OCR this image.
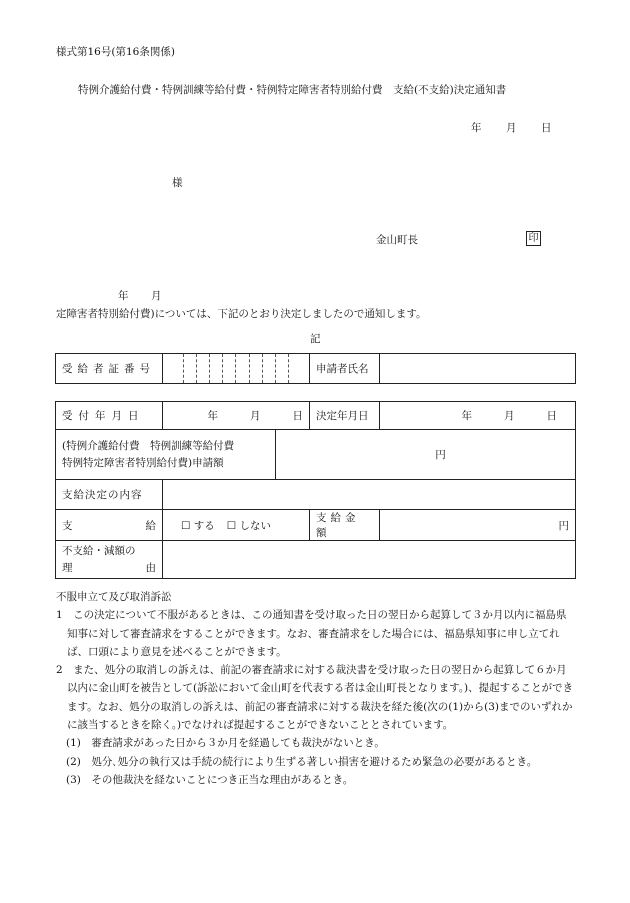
様式第16号(第16条関係)
特例介護給付費・特例訓練等給付費・特例特定障害者特別給付費　支給(不支給)決定通知書
年 月 日
様
金山町長	印
年 月
定障害者特別給付費)については、下記のとおり決定しましたので通知します。
記
受給者証番号		申請者氏名	
受付年月日	年 月 日		決定年月日	年 月 日

(特例介護給付費　特例訓練等給付費
特例特定障害者特別給付費)申請額		円		

支給決定の内容				

支 給	☐ する ☐ しない		支給金額	円

不支給・減額の
理 由				

不服申立て及び取消訴訟

1　この決定について不服があるときは、この通知書を受け取った日の翌日から起算して３か月以内に福島県知事に対して審査請求をすることができます。なお、審査請求をした場合には、福島県知事に申し立てれば、口頭により意見を述べることができます。

2　また、処分の取消しの訴えは、前記の審査請求に対する裁決書を受け取った日の翌日から起算して６か月以内に金山町を被告として(訴訟において金山町を代表する者は金山町長となります。)、提起することができます。なお、処分の取消しの訴えは、前記の審査請求に対する裁決を経た後(次の(1)から(3)までのいずれかに該当するときを除く。)でなければ提起することができないこととされています。

(1)　審査請求があった日から３か月を経過しても裁決がないとき。

(2)　処分､処分の執行又は手続の続行により生ずる著しい損害を避けるため緊急の必要があるとき。

(3)　その他裁決を経ないことにつき正当な理由があるとき。
